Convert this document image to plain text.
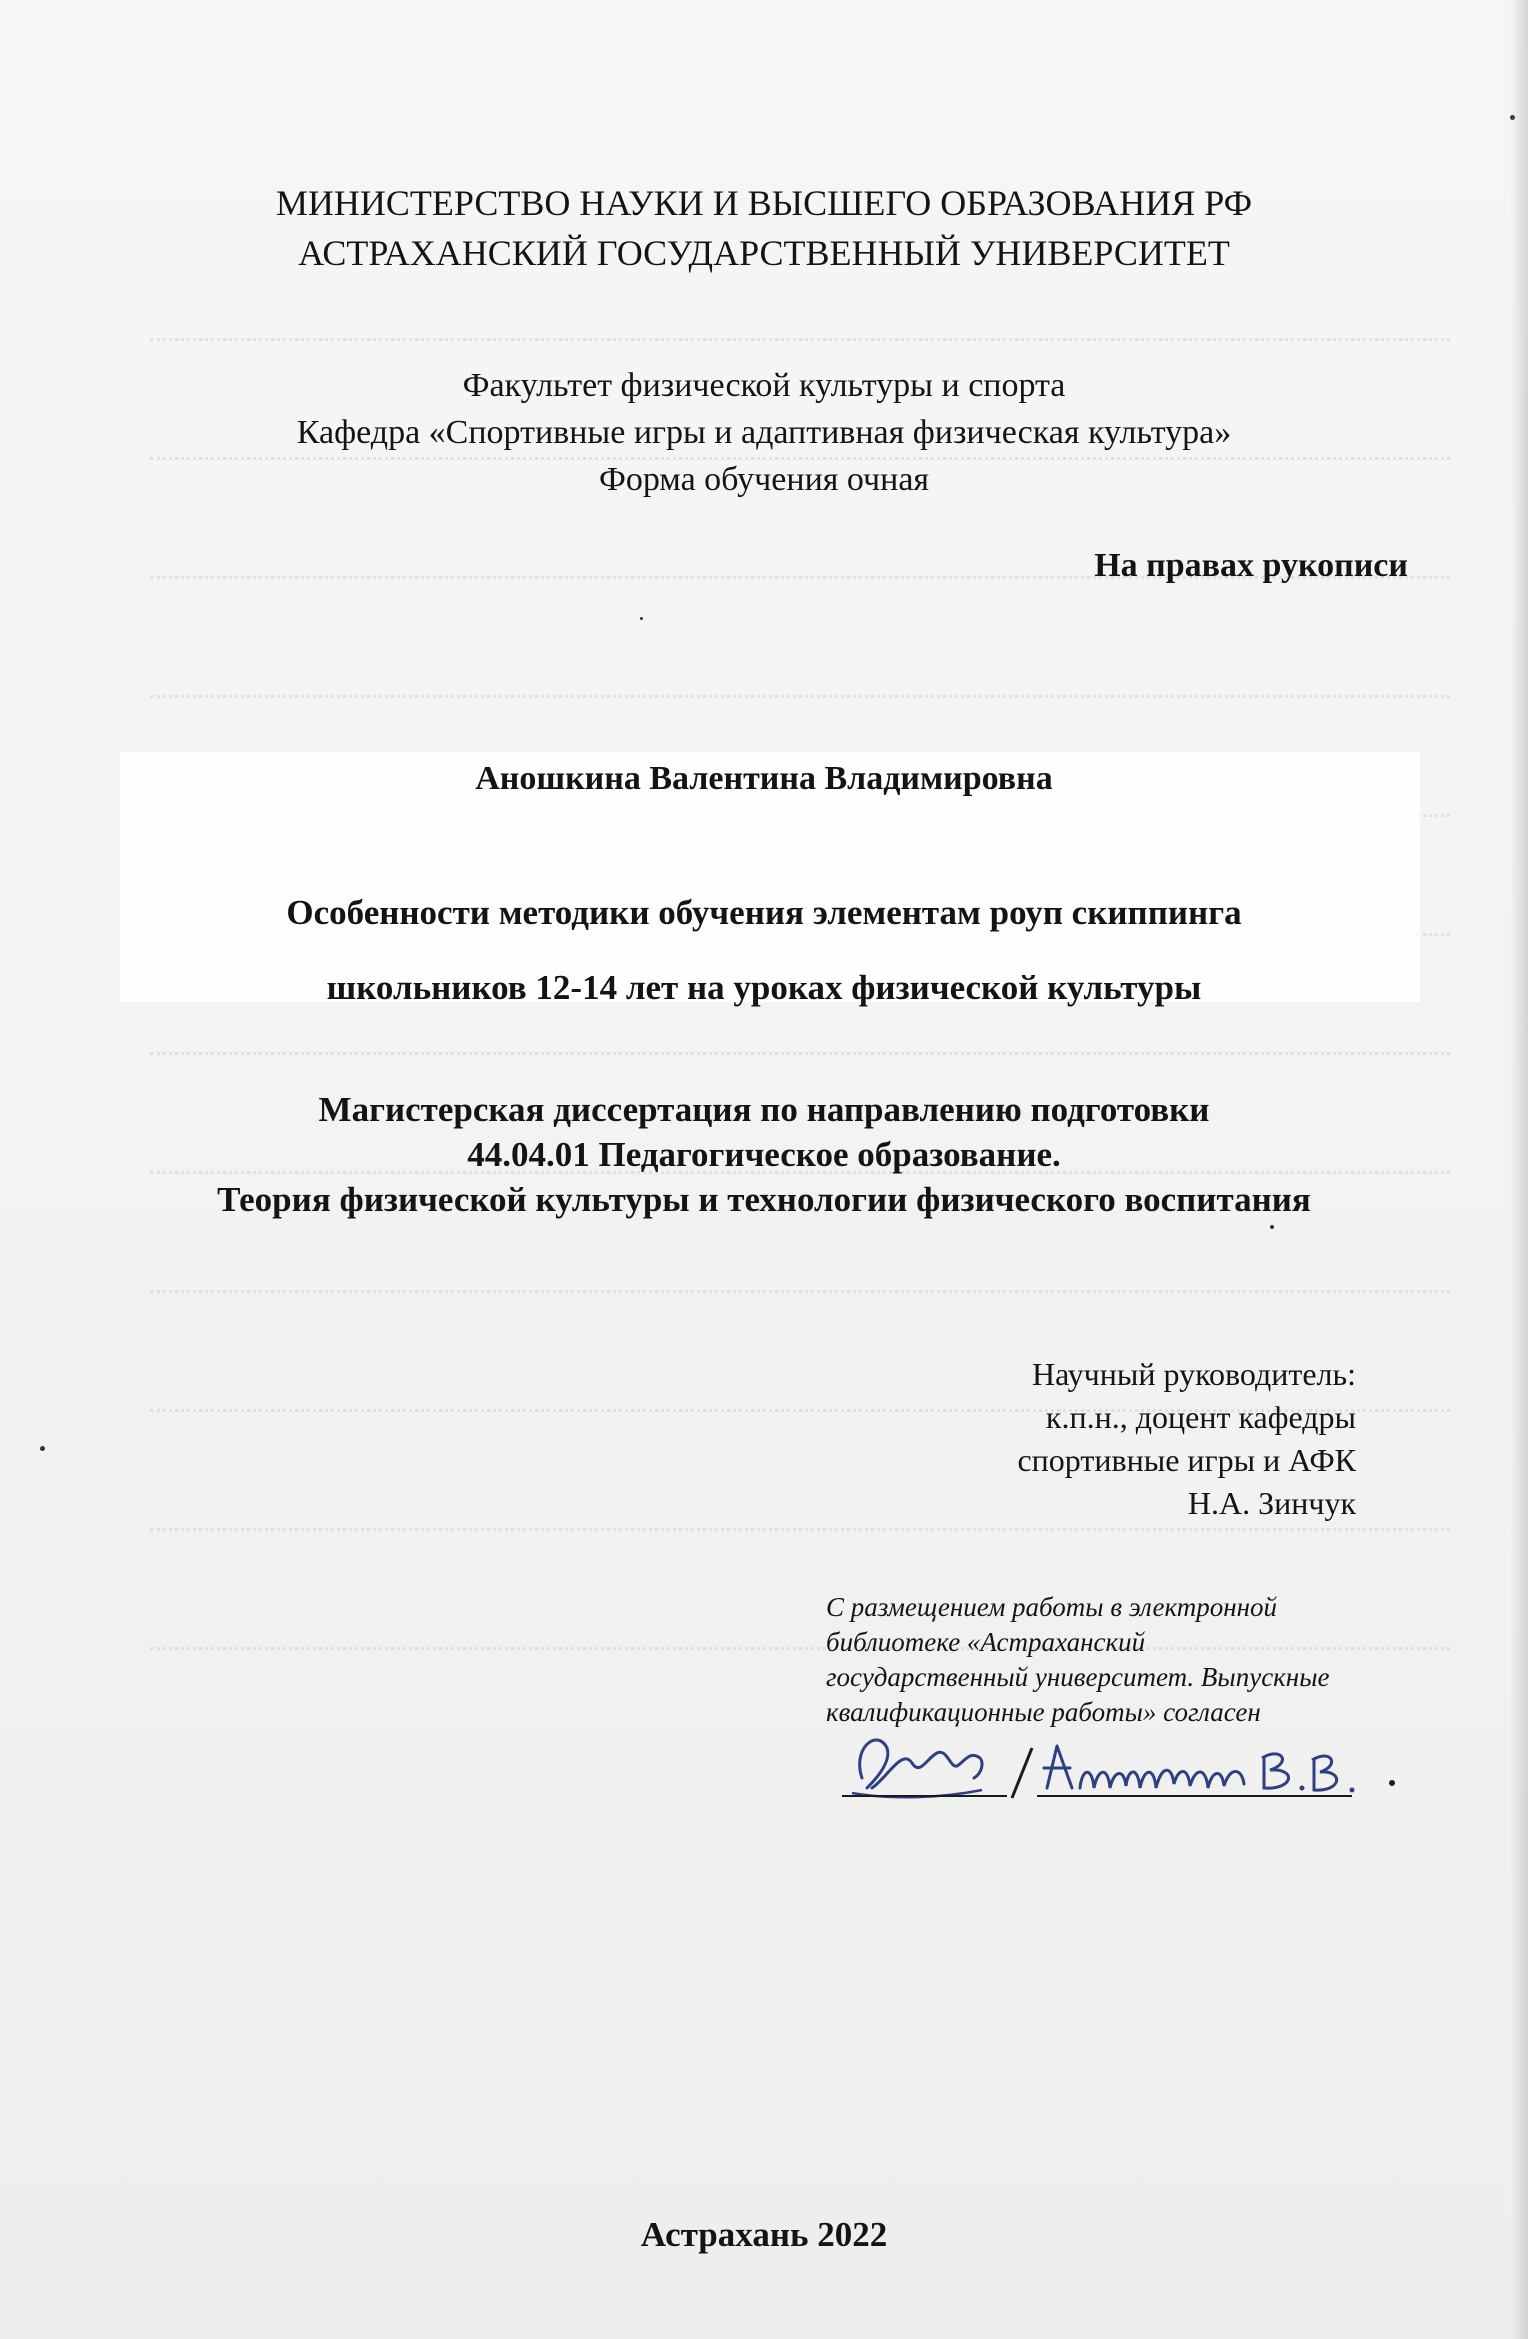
МИНИСТЕРСТВО НАУКИ И ВЫСШЕГО ОБРАЗОВАНИЯ РФ
АСТРАХАНСКИЙ ГОСУДАРСТВЕННЫЙ УНИВЕРСИТЕТ
Факультет физической культуры и спорта
Кафедра «Спортивные игры и адаптивная физическая культура»
Форма обучения очная
На правах рукописи
Аношкина Валентина Владимировна
Особенности методики обучения элементам роуп скиппинга
школьников 12-14 лет на уроках физической культуры
Магистерская диссертация по направлению подготовки
44.04.01 Педагогическое образование.
Теория физической культуры и технологии физического воспитания
Научный руководитель:
к.п.н., доцент кафедры
спортивные игры и АФК
Н.А. Зинчук
С размещением работы в электронной
библиотеке «Астраханский
государственный университет. Выпускные
квалификационные работы» согласен
Астрахань 2022
